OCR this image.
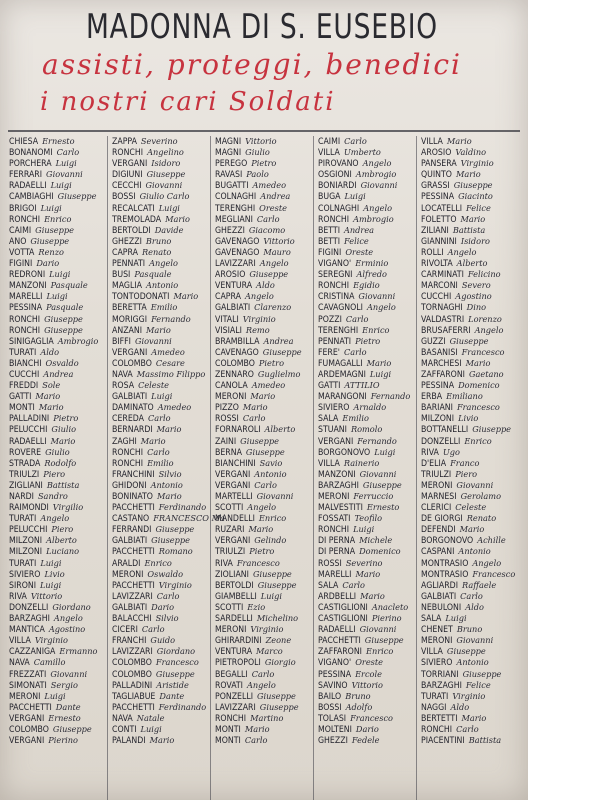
MADONNA DI S. EUSEBIO
assisti, proteggi, benedici
i nostri cari Soldati
CHIESA Ernesto
BONANOMI Carlo
PORCHERA Luigi
FERRARI Giovanni
RADAELLI Luigi
CAMBIAGHI Giuseppe
BRIGOI Luigi
RONCHI Enrico
CAIMI Giuseppe
ANO Giuseppe
VOTTA Renzo
FIGINI Dario
REDRONI Luigi
MANZONI Pasquale
MARELLI Luigi
PESSINA Pasquale
RONCHI Giuseppe
RONCHI Giuseppe
SINIGAGLIA Ambrogio
TURATI Aldo
BIANCHI Osvaldo
CUCCHI Andrea
FREDDI Sole
GATTI Mario
MONTI Mario
PALLADINI Pietro
PELUCCHI Giulio
RADAELLI Mario
ROVERE Giulio
STRADA Rodolfo
TRIULZI Piero
ZIGLIANI Battista
NARDI Sandro
RAIMONDI Virgilio
TURATI Angelo
PELUCCHI Piero
MILZONI Alberto
MILZONI Luciano
TURATI Luigi
SIVIERO Livio
SIRONI Luigi
RIVA Vittorio
DONZELLI Giordano
BARZAGHI Angelo
MANTICA Agostino
VILLA Virginio
CAZZANIGA Ermanno
NAVA Camillo
FREZZATI Giovanni
SIMONATI Sergio
MERONI Luigi
PACCHETTI Dante
VERGANI Ernesto
COLOMBO Giuseppe
VERGANI Pierino
ZAPPA Severino
RONCHI Angelino
VERGANI Isidoro
DIGIUNI Giuseppe
CECCHI Giovanni
BOSSI Giulio Carlo
RECALCATI Luigi
TREMOLADA Mario
BERTOLDI Davide
GHEZZI Bruno
CAPRA Renato
PENNATI Angelo
BUSI Pasquale
MAGLIA Antonio
TONTODONATI Mario
BERETTA Emilio
MORIGGI Fernando
ANZANI Mario
BIFFI Giovanni
VERGANI Amedeo
COLOMBO Cesare
NAVA Massimo Filippo
ROSA Celeste
GALBIATI Luigi
DAMINATO Amedeo
CEREDA Carlo
BERNARDI Mario
ZAGHI Mario
RONCHI Carlo
RONCHI Emilio
FRANCHINI Silvio
GHIDONI Antonio
BONINATO Mario
PACCHETTI Ferdinando
CASTANO FRANCESCO Ma
FERRANDI Giuseppe
GALBIATI Giuseppe
PACCHETTI Romano
ARALDI Enrico
MERONI Oswaldo
PACCHETTI Virginio
LAVIZZARI Carlo
GALBIATI Dario
BALACCHI Silvio
CICERI Carlo
FRANCHI Guido
LAVIZZARI Giordano
COLOMBO Francesco
COLOMBO Giuseppe
PALLADINI Aristide
TAGLIABUE Dante
PACCHETTI Ferdinando
NAVA Natale
CONTI Luigi
PALANDI Mario
MAGNI Vittorio
MAGNI Giulio
PEREGO Pietro
RAVASI Paolo
BUGATTI Amedeo
COLNAGHI Andrea
TERENGHI Oreste
MEGLIANI Carlo
GHEZZI Giacomo
GAVENAGO Vittorio
GAVENAGO Mauro
LAVIZZARI Angelo
AROSIO Giuseppe
VENTURA Aldo
CAPRA Angelo
GALBIATI Clarenzo
VITALI Virginio
VISIALI Remo
BRAMBILLA Andrea
CAVENAGO Giuseppe
COLOMBO Pietro
ZENNARO Guglielmo
CANOLA Amedeo
MERONI Mario
PIZZO Mario
ROSSI Carlo
FORNAROLI Alberto
ZAINI Giuseppe
BERNA Giuseppe
BIANCHINI Savio
VERGANI Antonio
VERGANI Carlo
MARTELLI Giovanni
SCOTTI Angelo
MANDELLI Enrico
RUZARI Mario
VERGANI Gelindo
TRIULZI Pietro
RIVA Francesco
ZIOLIANI Giuseppe
BERTOLDI Giuseppe
GIAMBELLI Luigi
SCOTTI Ezio
SARDELLI Michelino
MERONI Virginio
GHIRARDINI Zeone
VENTURA Marco
PIETROPOLI Giorgio
BEGALLI Carlo
ROVATI Angelo
PONZELLI Giuseppe
LAVIZZARI Giuseppe
RONCHI Martino
MONTI Mario
MONTI Carlo
CAIMI Carlo
VILLA Umberto
PIROVANO Angelo
OSGIONI Ambrogio
BONIARDI Giovanni
BUGA Luigi
COLNAGHI Angelo
RONCHI Ambrogio
BETTI Andrea
BETTI Felice
FIGINI Oreste
VIGANO' Erminio
SEREGNI Alfredo
RONCHI Egidio
CRISTINA Giovanni
CAVAGNOLI Angelo
POZZI Carlo
TERENGHI Enrico
PENNATI Pietro
FERE' Carlo
FUMAGALLI Mario
ARDEMAGNI Luigi
GATTI ATTILIO
MARANGONI Fernando
SIVIERO Arnaldo
SALA Emilio
STUANI Romolo
VERGANI Fernando
BORGONOVO Luigi
VILLA Rainerio
MANZONI Giovanni
BARZAGHI Giuseppe
MERONI Ferruccio
MALVESTITI Ernesto
FOSSATI Teofilo
RONCHI Luigi
DI PERNA Michele
DI PERNA Domenico
ROSSI Severino
MARELLI Mario
SALA Carlo
ARDBELLI Mario
CASTIGLIONI Anacleto
CASTIGLIONI Pierino
RADAELLI Giovanni
PACCHETTI Giuseppe
ZAFFARONI Enrico
VIGANO' Oreste
PESSINA Ercole
SAVINO Vittorio
BAILO Bruno
BOSSI Adolfo
TOLASI Francesco
MOLTENI Dario
GHEZZI Fedele
VILLA Mario
AROSIO Valdino
PANSERA Virginio
QUINTO Mario
GRASSI Giuseppe
PESSINA Giacinto
LOCATELLI Felice
FOLETTO Mario
ZILIANI Battista
GIANNINI Isidoro
ROLLI Angelo
RIVOLTA Alberto
CARMINATI Felicino
MARCONI Severo
CUCCHI Agostino
TORNAGHI Dino
VALDASTRI Lorenzo
BRUSAFERRI Angelo
GUZZI Giuseppe
BASANISI Francesco
MARCHESI Mario
ZAFFARONI Gaetano
PESSINA Domenico
ERBA Emiliano
BARIANI Francesco
MILZONI Livio
BOTTANELLI Giuseppe
DONZELLI Enrico
RIVA Ugo
D'ELIA Franco
TRIULZI Piero
MERONI Giovanni
MARNESI Gerolamo
CLERICI Celeste
DE GIORGI Renato
DEFENDI Mario
BORGONOVO Achille
CASPANI Antonio
MONTRASIO Angelo
MONTRASIO Francesco
AGLIARDI Raffaele
GALBIATI Carlo
NEBULONI Aldo
SALA Luigi
CHENET Bruno
MERONI Giovanni
VILLA Giuseppe
SIVIERO Antonio
TORRIANI Giuseppe
BARZAGHI Felice
TURATI Virginio
NAGGI Aldo
BERTETTI Mario
RONCHI Carlo
PIACENTINI Battista
